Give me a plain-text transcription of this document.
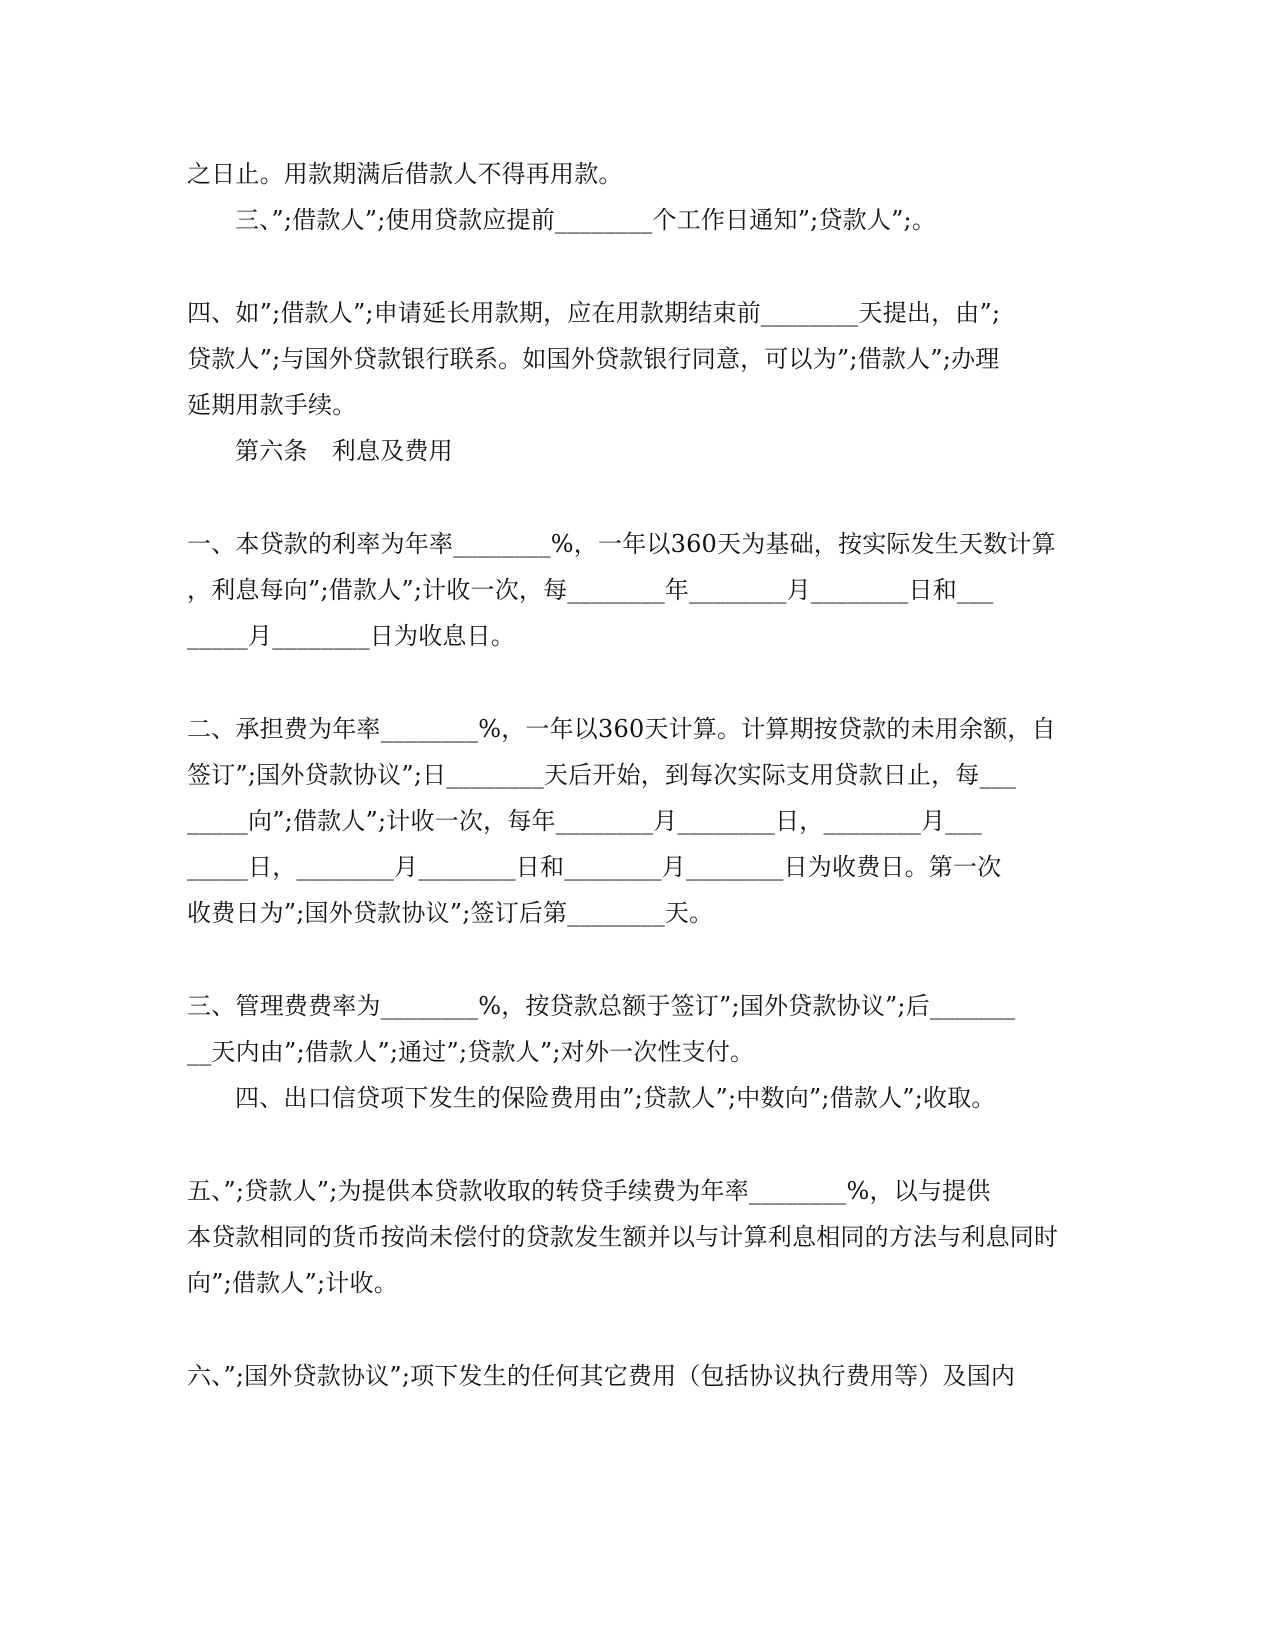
之日止。用款期满后借款人不得再用款。
三、”;借款人”;使用贷款应提前________个工作日通知”;贷款人”;。
四、如”;借款人”;申请延长用款期，应在用款期结束前________天提出，由”;
贷款人”;与国外贷款银行联系。如国外贷款银行同意，可以为”;借款人”;办理
延期用款手续。
第六条　利息及费用
一、本贷款的利率为年率________%，一年以360天为基础，按实际发生天数计算
，利息每向”;借款人”;计收一次，每________年________月________日和___
_____月________日为收息日。
二、承担费为年率________%，一年以360天计算。计算期按贷款的未用余额，自
签订”;国外贷款协议”;日________天后开始，到每次实际支用贷款日止，每___
_____向”;借款人”;计收一次，每年________月________日，________月___
_____日，________月________日和________月________日为收费日。第一次
收费日为”;国外贷款协议”;签订后第________天。
三、管理费费率为________%，按贷款总额于签订”;国外贷款协议”;后_______
__天内由”;借款人”;通过”;贷款人”;对外一次性支付。
四、出口信贷项下发生的保险费用由”;贷款人”;中数向”;借款人”;收取。
五、”;贷款人”;为提供本贷款收取的转贷手续费为年率________%，以与提供
本贷款相同的货币按尚未偿付的贷款发生额并以与计算利息相同的方法与利息同时
向”;借款人”;计收。
六、”;国外贷款协议”;项下发生的任何其它费用（包括协议执行费用等）及国内
